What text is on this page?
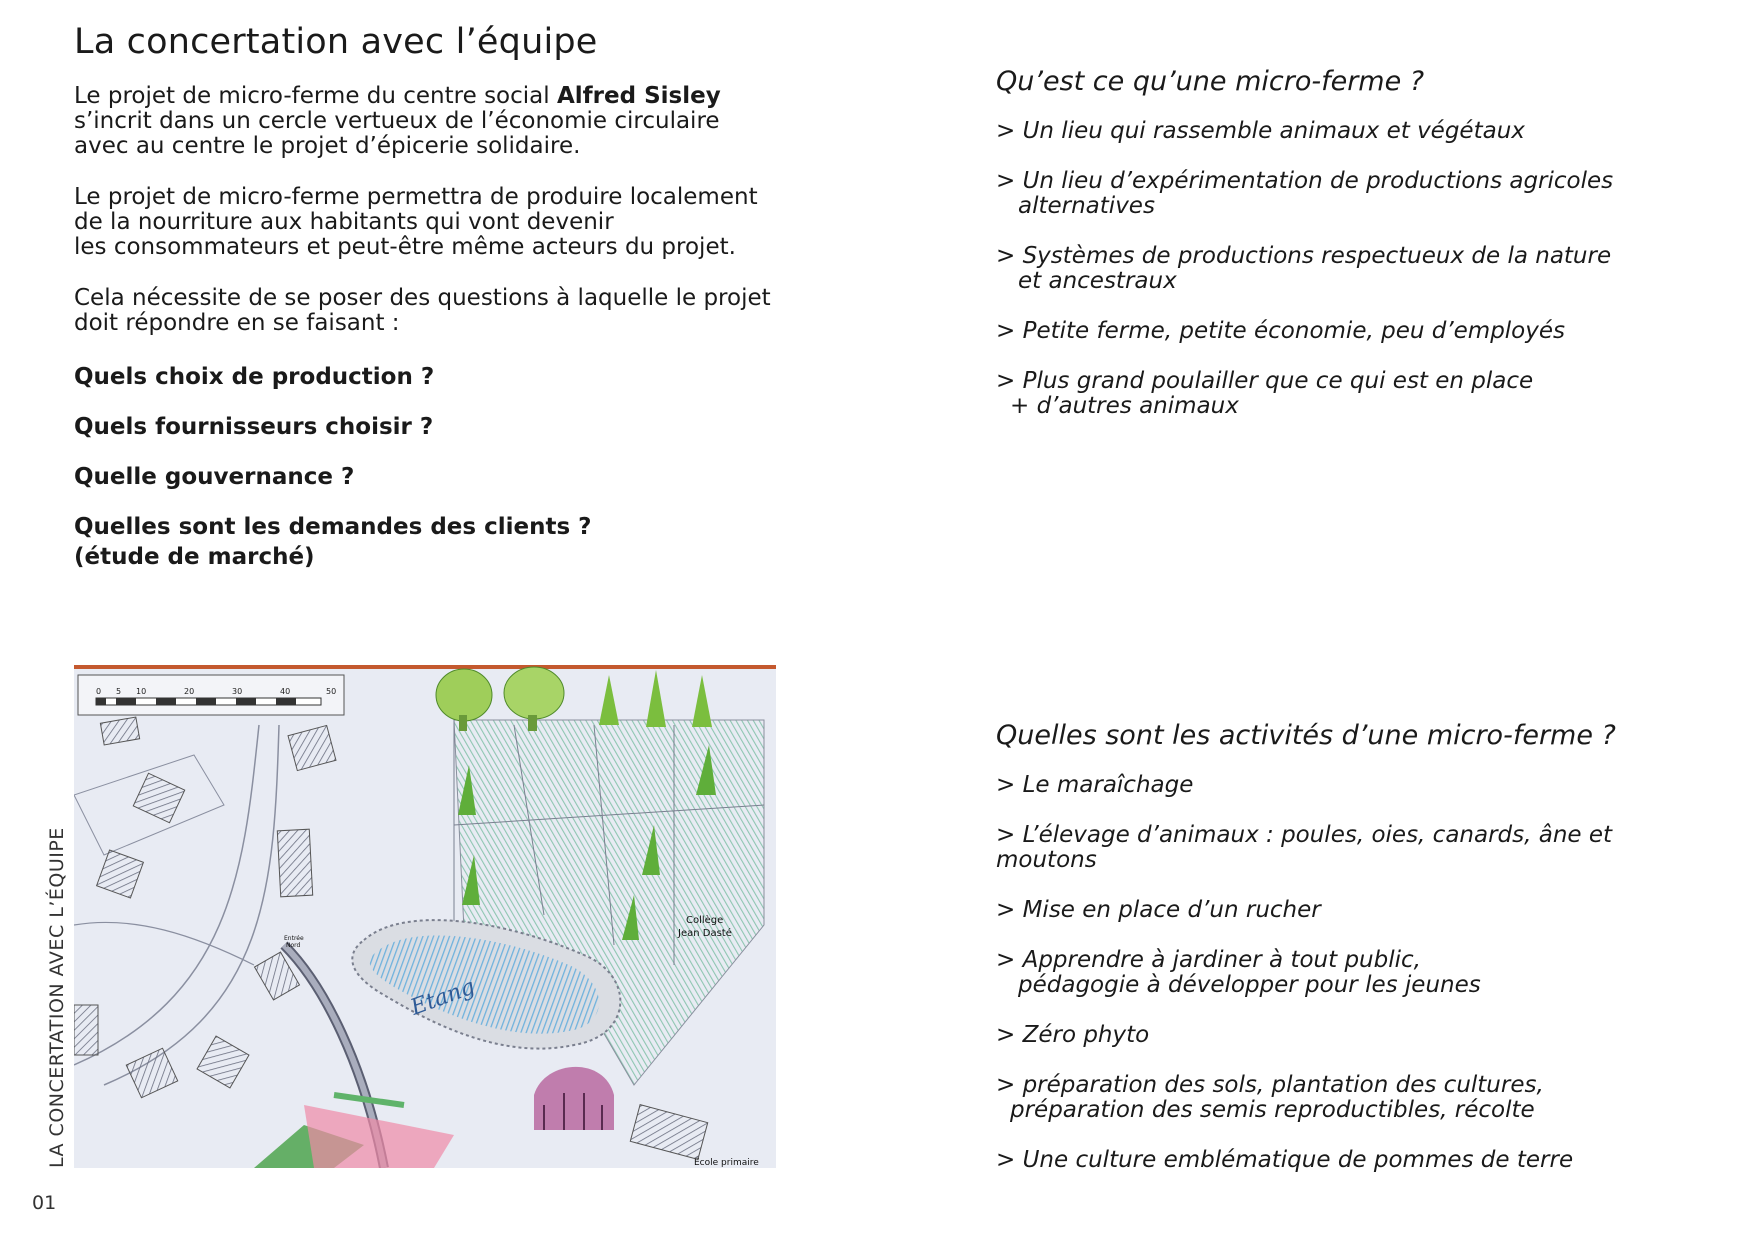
La concertation avec l’équipe

Le projet de micro-ferme du centre social Alfred Sisley
s’incrit dans un cercle vertueux de l’économie circulaire
avec au centre le projet d’épicerie solidaire.

Le projet de micro-ferme permettra de produire localement
de la nourriture aux habitants qui vont devenir
les consommateurs et peut-être même acteurs du projet.

Cela nécessite de se poser des questions à laquelle le projet
doit répondre en se faisant :

Quels choix de production ?
Quels fournisseurs choisir ?
Quelle gouvernance ?
Quelles sont les demandes des clients ?
(étude de marché)
Qu’est ce qu’une micro-ferme ?
> Un lieu qui rassemble animaux et végétaux
> Un lieu d’expérimentation de productions agricoles
alternatives
> Systèmes de productions respectueux de la nature
et ancestraux
> Petite ferme, petite économie, peu d’employés
> Plus grand poulailler que ce qui est en place
+ d’autres animaux
Quelles sont les activités d’une micro-ferme ?
> Le maraîchage
> L’élevage d’animaux : poules, oies, canards, âne et moutons
> Mise en place d’un rucher
> Apprendre à jardiner à tout public,
pédagogie à développer pour les jeunes
> Zéro phyto
> préparation des sols, plantation des cultures,
préparation des semis reproductibles, récolte
> Une culture emblématique de pommes de terre
0 5 10	20	30	40	50
Etang
Collège
Jean Dasté
Entrée
Nord
École primaire
LA CONCERTATION AVEC L’ÉQUIPE
01
